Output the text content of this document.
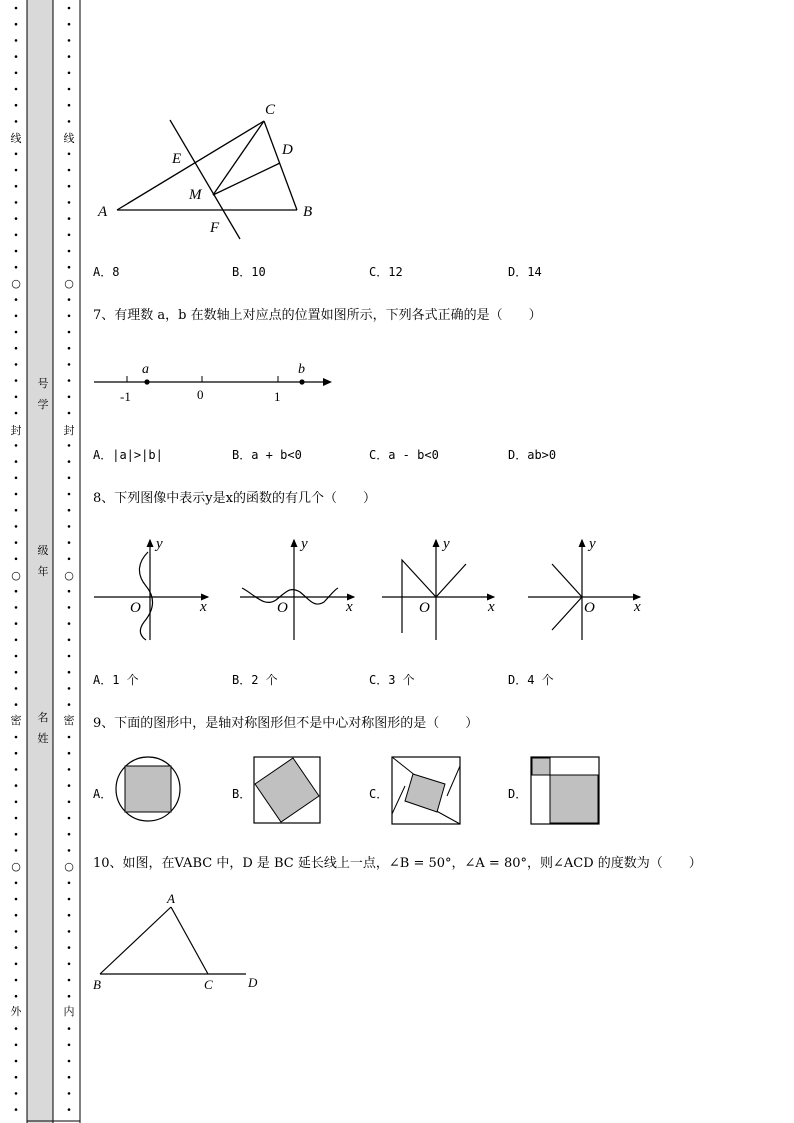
线
○
封
○
密
○
外
线
○
封
○
密
○
内
号
学
级
年
名
姓
A	B
C
D
E
F
M
A．8	B．10	C．12	D．14
7、有理数 a，b 在数轴上对应点的位置如图所示，下列各式正确的是（　　）
a	b
-1	0	1
A．|a|>|b|	B．a + b<0	C．a - b<0	D．ab>0
8、下列图像中表示y是x的函数的有几个（　　）
y
x
O
y
x
O
y
x
O
y
x
O
A．1 个	B．2 个	C．3 个	D．4 个
9、下面的图形中，是轴对称图形但不是中心对称图形的是（　　）
A．	B．	C．	D．
10、如图，在VABC 中，D 是 BC 延长线上一点，∠B = 50°，∠A = 80°，则∠ACD 的度数为（　　）
A
B	C	D
